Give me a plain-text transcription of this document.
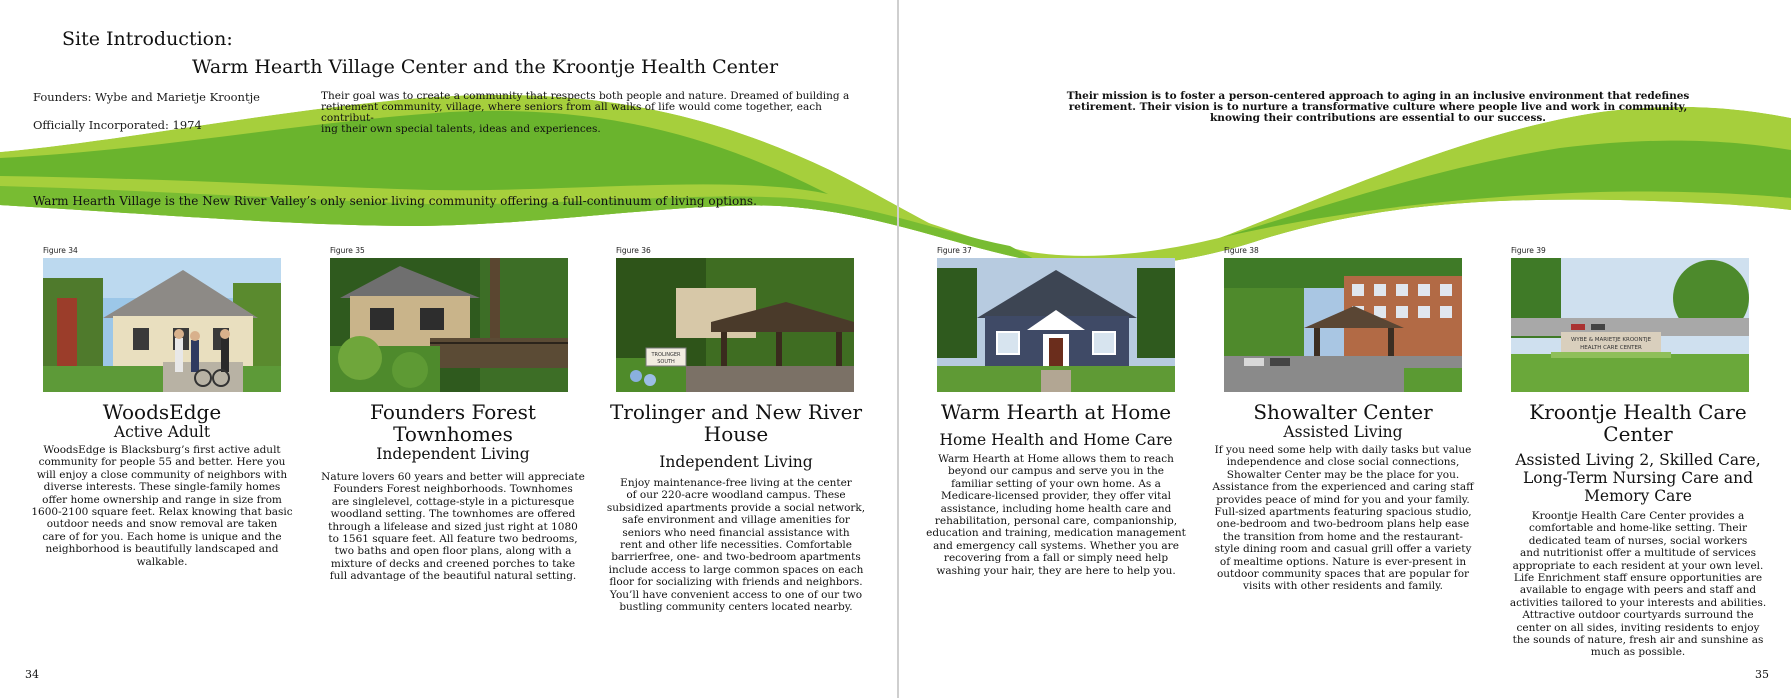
Site Introduction:
Warm Hearth Village Center and the Kroontje Health Center
Founders: Wybe and Marietje Kroontje
Officially Incorporated: 1974
Their goal was to create a community that respects both people and nature. Dreamed of building a
retirement community, village, where seniors from all walks of life would come together, each contribut-
ing their own special talents, ideas and experiences.
Their mission is to foster a person-centered approach to aging in an inclusive environment that redefines
retirement. Their vision is to nurture a transformative culture where people live and work in community,
knowing their contributions are essential to our success.
Warm Hearth Village is the New River Valley’s only senior living community offering a full-continuum of living options.
Figure 34	Figure 35	Figure 36
TROLINGER
SOUTH
Figure 37	Figure 38	Figure 39
WYBE & MARIETJE KROONTJE
HEALTH CARE CENTER
WoodsEdge
Active Adult
WoodsEdge is Blacksburg’s first active adult
community for people 55 and better. Here you
will enjoy a close community of neighbors with
diverse interests. These single-family homes
offer home ownership and range in size from
1600-2100 square feet. Relax knowing that basic
outdoor needs and snow removal are taken
care of for you. Each home is unique and the
neighborhood is beautifully landscaped and
walkable.
Founders Forest
Townhomes
Independent Living
Nature lovers 60 years and better will appreciate
Founders Forest neighborhoods. Townhomes
are singlelevel, cottage-style in a picturesque
woodland setting. The townhomes are offered
through a lifelease and sized just right at 1080
to 1561 square feet. All feature two bedrooms,
two baths and open floor plans, along with a
mixture of decks and creened porches to take
full advantage of the beautiful natural setting.
Trolinger and New River
House
Independent Living
Enjoy maintenance-free living at the center
of our 220-acre woodland campus. These
subsidized apartments provide a social network,
safe environment and village amenities for
seniors who need financial assistance with
rent and other life necessities. Comfortable
barrierfree, one- and two-bedroom apartments
include access to large common spaces on each
floor for socializing with friends and neighbors.
You’ll have convenient access to one of our two
bustling community centers located nearby.
Warm Hearth at Home
Home Health and Home Care
Warm Hearth at Home allows them to reach
beyond our campus and serve you in the
familiar setting of your own home. As a
Medicare-licensed provider, they offer vital
assistance, including home health care and
rehabilitation, personal care, companionship,
education and training, medication management
and emergency call systems. Whether you are
recovering from a fall or simply need help
washing your hair, they are here to help you.
Showalter Center
Assisted Living
If you need some help with daily tasks but value
independence and close social connections,
Showalter Center may be the place for you.
Assistance from the experienced and caring staff
provides peace of mind for you and your family.
Full-sized apartments featuring spacious studio,
one-bedroom and two-bedroom plans help ease
the transition from home and the restaurant-
style dining room and casual grill offer a variety
of mealtime options. Nature is ever-present in
outdoor community spaces that are popular for
visits with other residents and family.
Kroontje Health Care
Center
Assisted Living 2, Skilled Care,
Long-Term Nursing Care and
Memory Care
Kroontje Health Care Center provides a
comfortable and home-like setting. Their
dedicated team of nurses, social workers
and nutritionist offer a multitude of services
appropriate to each resident at your own level.
Life Enrichment staff ensure opportunities are
available to engage with peers and staff and
activities tailored to your interests and abilities.
Attractive outdoor courtyards surround the
center on all sides, inviting residents to enjoy
the sounds of nature, fresh air and sunshine as
much as possible.
34	35
